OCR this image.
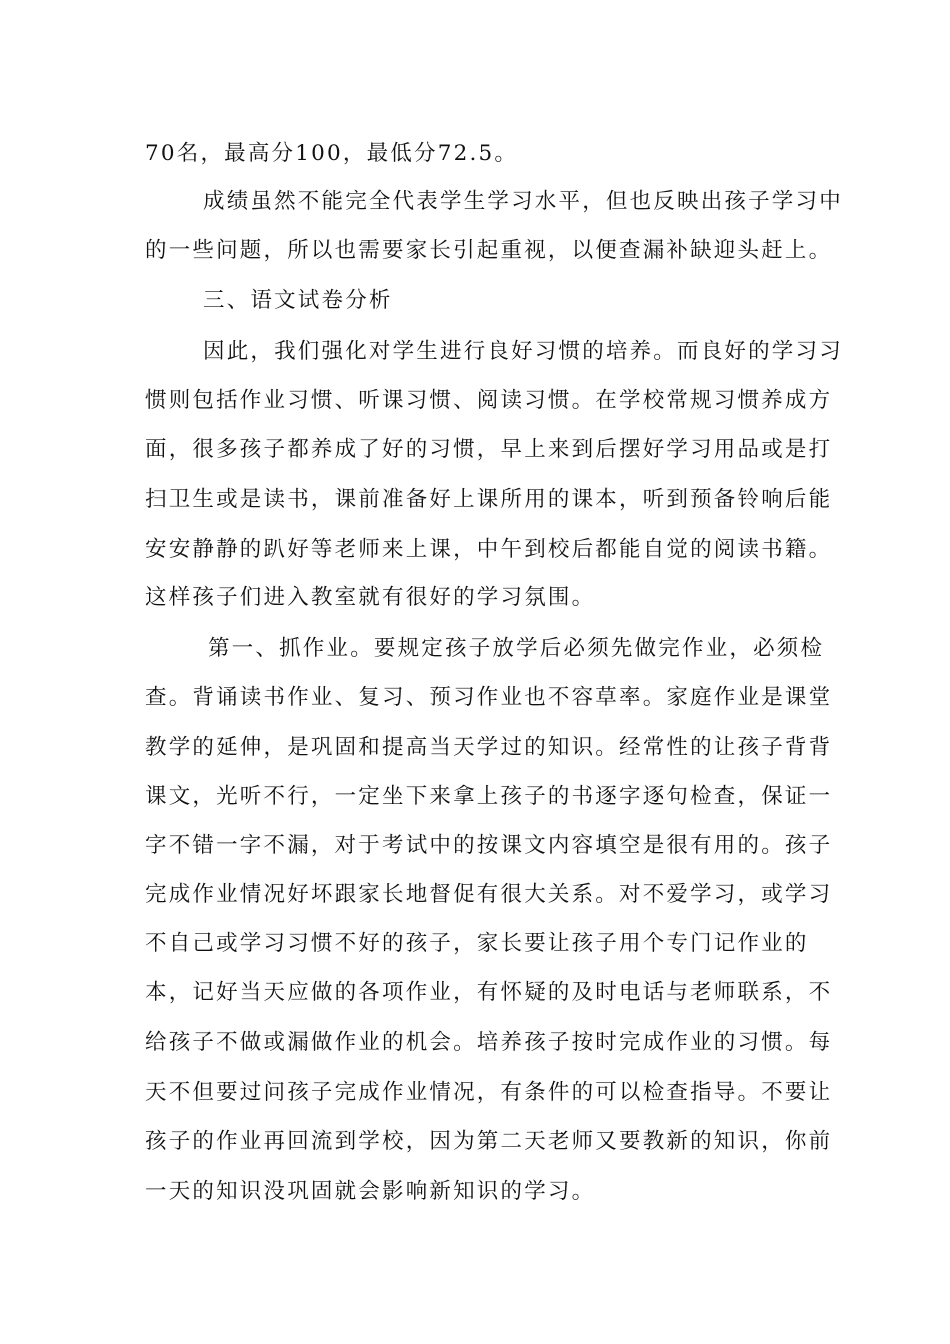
70名，最高分100，最低分72.5。
成绩虽然不能完全代表学生学习水平，但也反映出孩子学习中
的一些问题，所以也需要家长引起重视，以便查漏补缺迎头赶上。
三、语文试卷分析
因此，我们强化对学生进行良好习惯的培养。而良好的学习习
惯则包括作业习惯、听课习惯、阅读习惯。在学校常规习惯养成方
面，很多孩子都养成了好的习惯，早上来到后摆好学习用品或是打
扫卫生或是读书，课前准备好上课所用的课本，听到预备铃响后能
安安静静的趴好等老师来上课，中午到校后都能自觉的阅读书籍。
这样孩子们进入教室就有很好的学习氛围。
第一、抓作业。要规定孩子放学后必须先做完作业，必须检
查。背诵读书作业、复习、预习作业也不容草率。家庭作业是课堂
教学的延伸，是巩固和提高当天学过的知识。经常性的让孩子背背
课文，光听不行，一定坐下来拿上孩子的书逐字逐句检查，保证一
字不错一字不漏，对于考试中的按课文内容填空是很有用的。孩子
完成作业情况好坏跟家长地督促有很大关系。对不爱学习，或学习
不自己或学习习惯不好的孩子，家长要让孩子用个专门记作业的
本，记好当天应做的各项作业，有怀疑的及时电话与老师联系，不
给孩子不做或漏做作业的机会。培养孩子按时完成作业的习惯。每
天不但要过问孩子完成作业情况，有条件的可以检查指导。不要让
孩子的作业再回流到学校，因为第二天老师又要教新的知识，你前
一天的知识没巩固就会影响新知识的学习。
